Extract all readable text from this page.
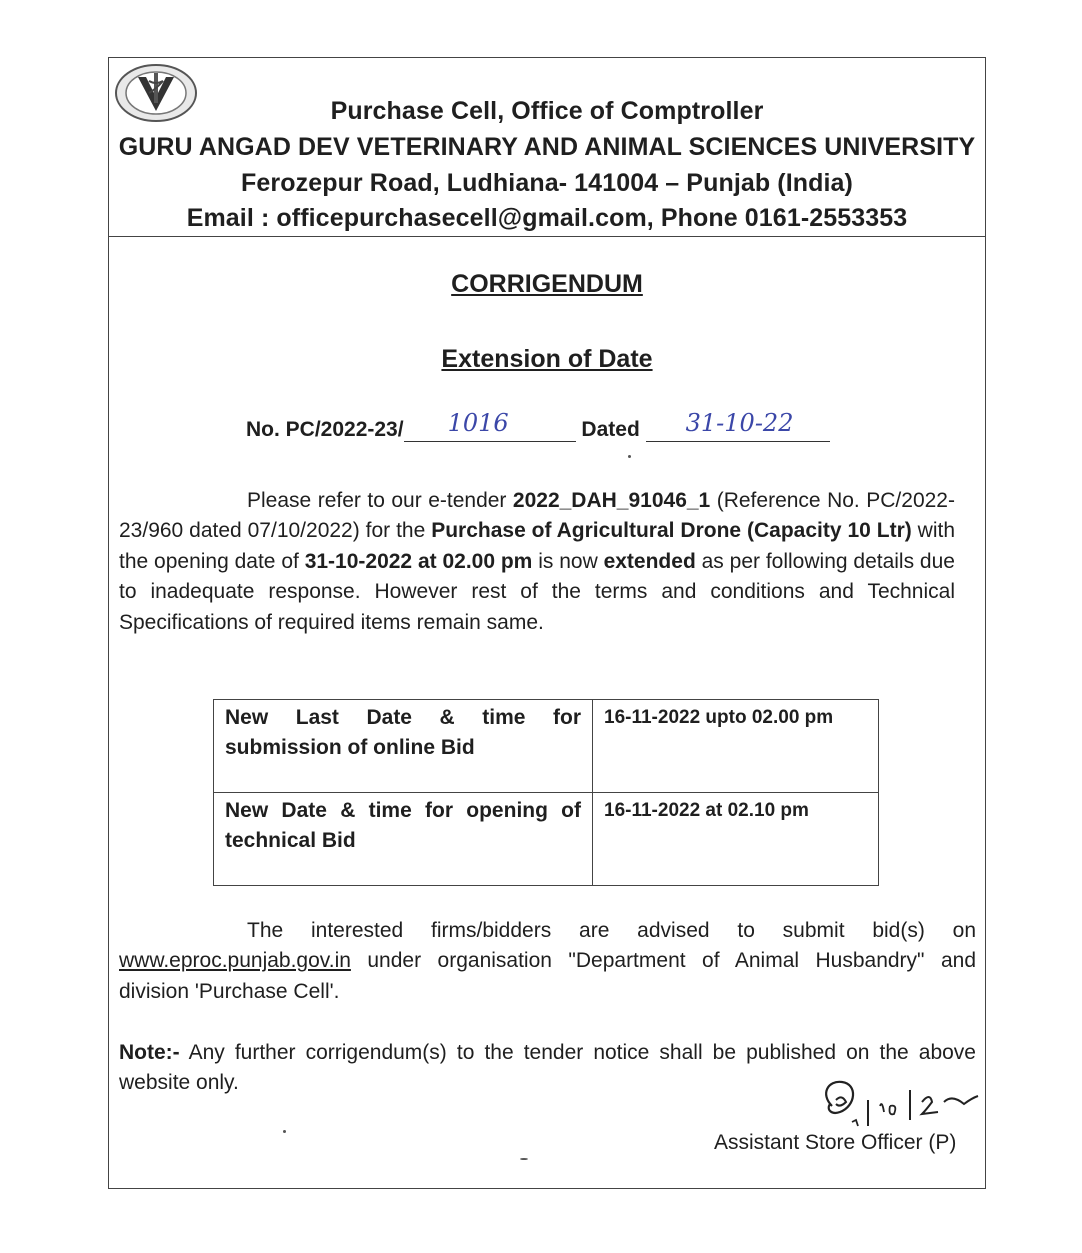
Purchase Cell, Office of Comptroller
GURU ANGAD DEV VETERINARY AND ANIMAL SCIENCES UNIVERSITY
Ferozepur Road, Ludhiana- 141004 – Punjab (India)
Email : officepurchasecell@gmail.com, Phone 0161-2553353
CORRIGENDUM
Extension of Date
No. PC/2022-23/ 1016	Dated 31-10-22
Please refer to our e-tender 2022_DAH_91046_1 (Reference No. PC/2022-23/960 dated 07/10/2022) for the Purchase of Agricultural Drone (Capacity 10 Ltr) with the opening date of 31-10-2022 at 02.00 pm is now extended as per following details due to inadequate response. However rest of the terms and conditions and Technical Specifications of required items remain same.
New Last Date & time for submission of online Bid	16-11-2022 upto 02.00 pm
New Date & time for opening of technical Bid	16-11-2022 at 02.10 pm
The interested firms/bidders are advised to submit bid(s) on www.eproc.punjab.gov.in under organisation "Department of Animal Husbandry" and division 'Purchase Cell'.
Note:- Any further corrigendum(s) to the tender notice shall be published on the above website only.
Assistant Store Officer (P)
